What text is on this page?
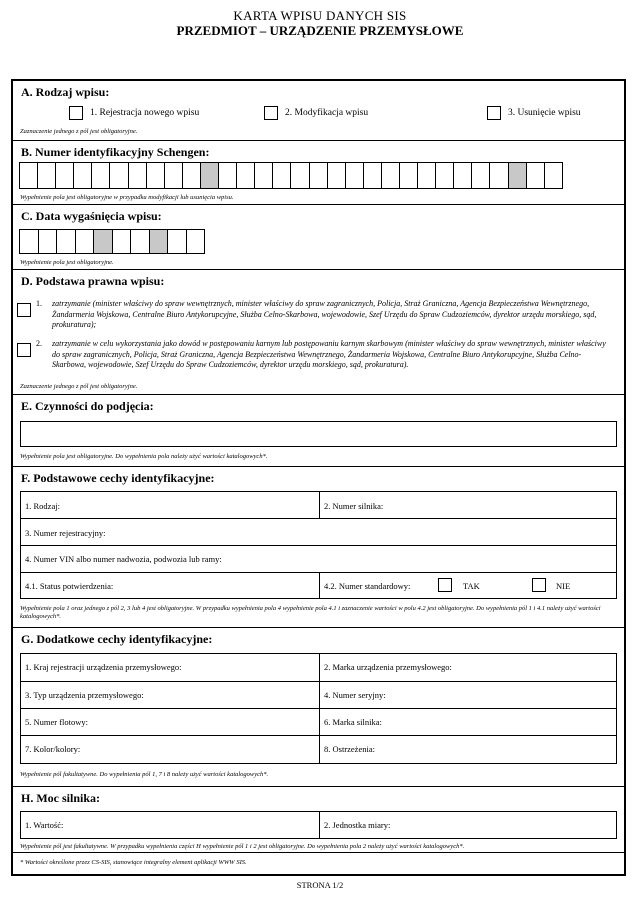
KARTA WPISU DANYCH SIS
PRZEDMIOT – URZĄDZENIE PRZEMYSŁOWE
A. Rodzaj wpisu:
1. Rejestracja nowego wpisu	2. Modyfikacja wpisu	3. Usunięcie wpisu
Zaznaczenie jednego z pól jest obligatoryjne.
B. Numer identyfikacyjny Schengen:
Wypełnienie pola jest obligatoryjne w przypadku modyfikacji lub usunięcia wpisu.
C. Data wygaśnięcia wpisu:
Wypełnienie pola jest obligatoryjne.
D. Podstawa prawna wpisu:
1. zatrzymanie (minister właściwy do spraw wewnętrznych, minister właściwy do spraw zagranicznych, Policja, Straż Graniczna, Agencja Bezpieczeństwa Wewnętrznego, Żandarmeria Wojskowa, Centralne Biuro Antykorupcyjne, Służba Celno-Skarbowa, wojewodowie, Szef Urzędu do Spraw Cudzoziemców, dyrektor urzędu morskiego, sąd, prokuratura);
2. zatrzymanie w celu wykorzystania jako dowód w postępowaniu karnym lub postępowaniu karnym skarbowym (minister właściwy do spraw wewnętrznych, minister właściwy do spraw zagranicznych, Policja, Straż Graniczna, Agencja Bezpieczeństwa Wewnętrznego, Żandarmeria Wojskowa, Centralne Biuro Antykorupcyjne, Służba Celno-Skarbowa, wojewodowie, Szef Urzędu do Spraw Cudzoziemców, dyrektor urzędu morskiego, sąd, prokuratura).
Zaznaczenie jednego z pól jest obligatoryjne.
E. Czynności do podjęcia:
Wypełnienie pola jest obligatoryjne. Do wypełnienia pola należy użyć wartości katalogowych*.
F. Podstawowe cechy identyfikacyjne:
1. Rodzaj:	2. Numer silnika:
3. Numer rejestracyjny:
4. Numer VIN albo numer nadwozia, podwozia lub ramy:
4.1. Status potwierdzenia:	4.2. Numer standardowy:	TAK	NIE
Wypełnienie pola 1 oraz jednego z pól 2, 3 lub 4 jest obligatoryjne. W przypadku wypełnienia pola 4 wypełnienie pola 4.1 i zaznaczenie wartości w polu 4.2 jest obligatoryjne. Do wypełnienia pól 1 i 4.1 należy użyć wartości katalogowych*.
G. Dodatkowe cechy identyfikacyjne:
1. Kraj rejestracji urządzenia przemysłowego:	2. Marka urządzenia przemysłowego:
3. Typ urządzenia przemysłowego:	4. Numer seryjny:
5. Numer flotowy:	6. Marka silnika:
7. Kolor/kolory:	8. Ostrzeżenia:
Wypełnienie pól fakultatywne. Do wypełnienia pól 1, 7 i 8 należy użyć wartości katalogowych*.
H. Moc silnika:
1. Wartość:	2. Jednostka miary:
Wypełnienie pól jest fakultatywne. W przypadku wypełnienia części H wypełnienie pól 1 i 2 jest obligatoryjne. Do wypełnienia pola 2 należy użyć wartości katalogowych*.
* Wartości określone przez CS-SIS, stanowiące integralny element aplikacji WWW SIS.
STRONA 1/2
